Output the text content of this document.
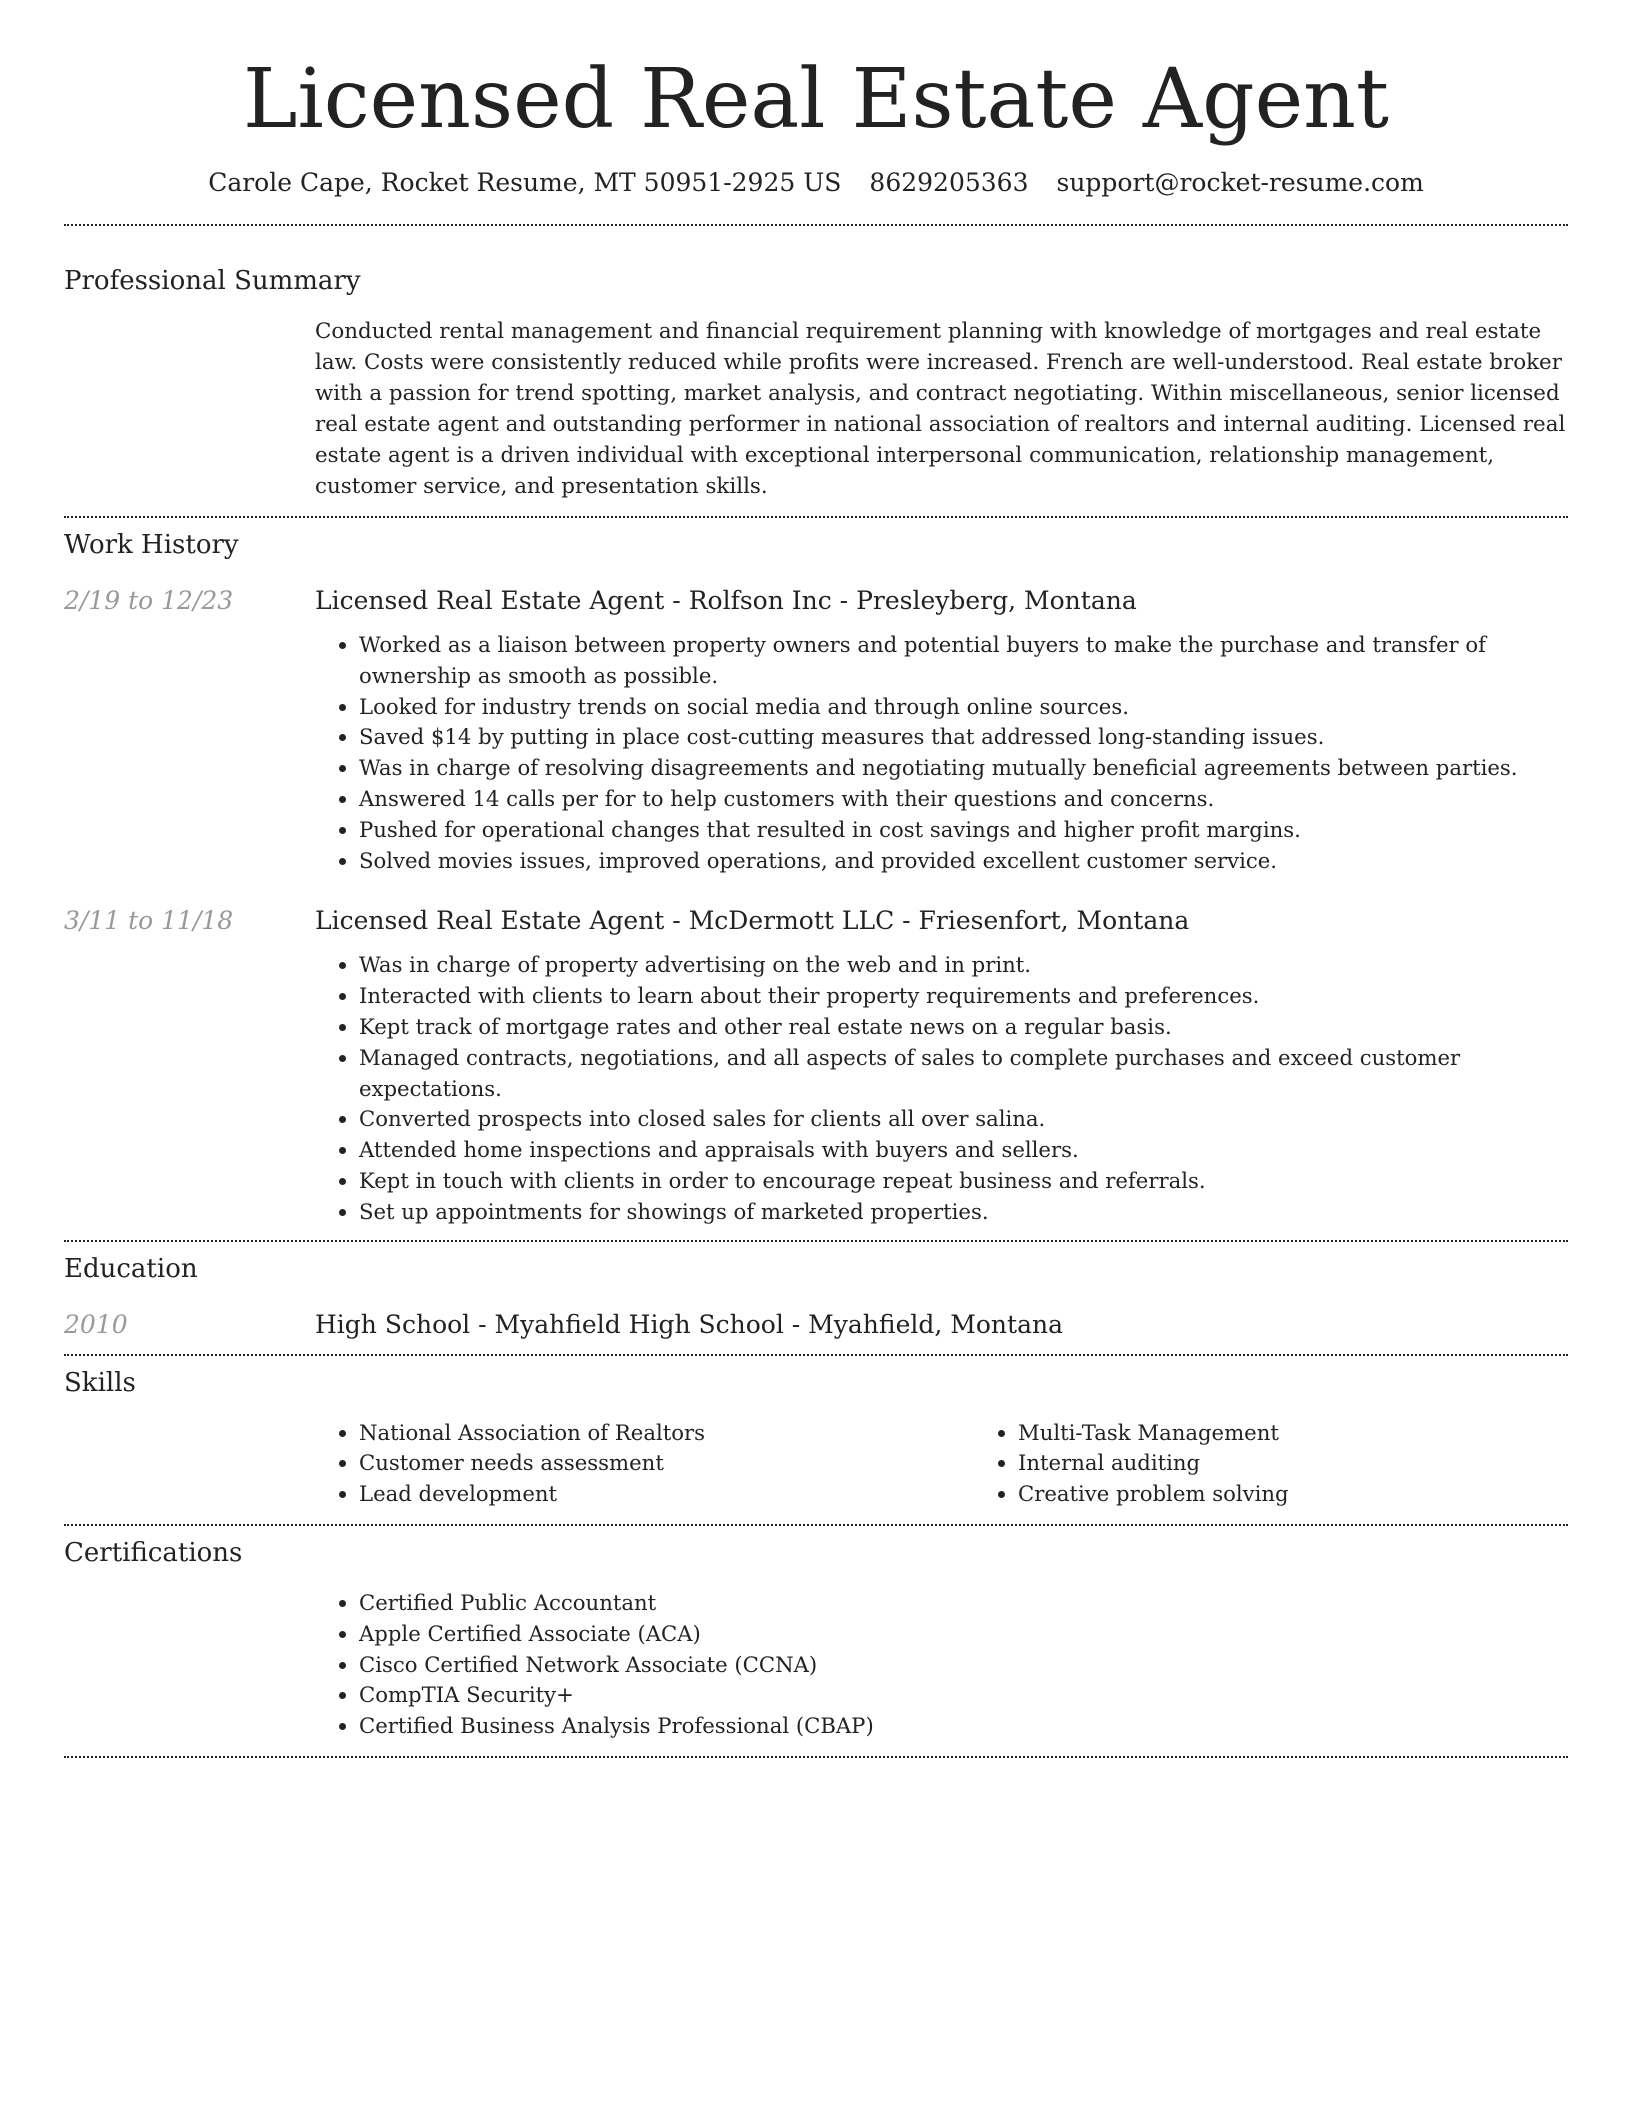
Licensed Real Estate Agent
Carole Cape, Rocket Resume, MT 50951-2925 US 8629205363 support@rocket-resume.com
Professional Summary

Conducted rental management and financial requirement planning with knowledge of mortgages and real estate law. Costs were consistently reduced while profits were increased. French are well-understood. Real estate broker with a passion for trend spotting, market analysis, and contract negotiating. Within miscellaneous, senior licensed real estate agent and outstanding performer in national association of realtors and internal auditing. Licensed real estate agent is a driven individual with exceptional interpersonal communication, relationship management, customer service, and presentation skills.

Work History
2/19 to 12/23	Licensed Real Estate Agent - Rolfson Inc - Presleyberg, Montana
• Worked as a liaison between property owners and potential buyers to make the purchase and transfer of ownership as smooth as possible.
• Looked for industry trends on social media and through online sources.
• Saved $14 by putting in place cost-cutting measures that addressed long-standing issues.
• Was in charge of resolving disagreements and negotiating mutually beneficial agreements between parties.
• Answered 14 calls per for to help customers with their questions and concerns.
• Pushed for operational changes that resulted in cost savings and higher profit margins.
• Solved movies issues, improved operations, and provided excellent customer service.
3/11 to 11/18	Licensed Real Estate Agent - McDermott LLC - Friesenfort, Montana
• Was in charge of property advertising on the web and in print.
• Interacted with clients to learn about their property requirements and preferences.
• Kept track of mortgage rates and other real estate news on a regular basis.
• Managed contracts, negotiations, and all aspects of sales to complete purchases and exceed customer expectations.
• Converted prospects into closed sales for clients all over salina.
• Attended home inspections and appraisals with buyers and sellers.
• Kept in touch with clients in order to encourage repeat business and referrals.
• Set up appointments for showings of marketed properties.
Education
2010	High School - Myahfield High School - Myahfield, Montana
Skills
• National Association of Realtors
• Customer needs assessment
• Lead development
• Multi-Task Management
• Internal auditing
• Creative problem solving
Certifications
• Certified Public Accountant
• Apple Certified Associate (ACA)
• Cisco Certified Network Associate (CCNA)
• CompTIA Security+
• Certified Business Analysis Professional (CBAP)
